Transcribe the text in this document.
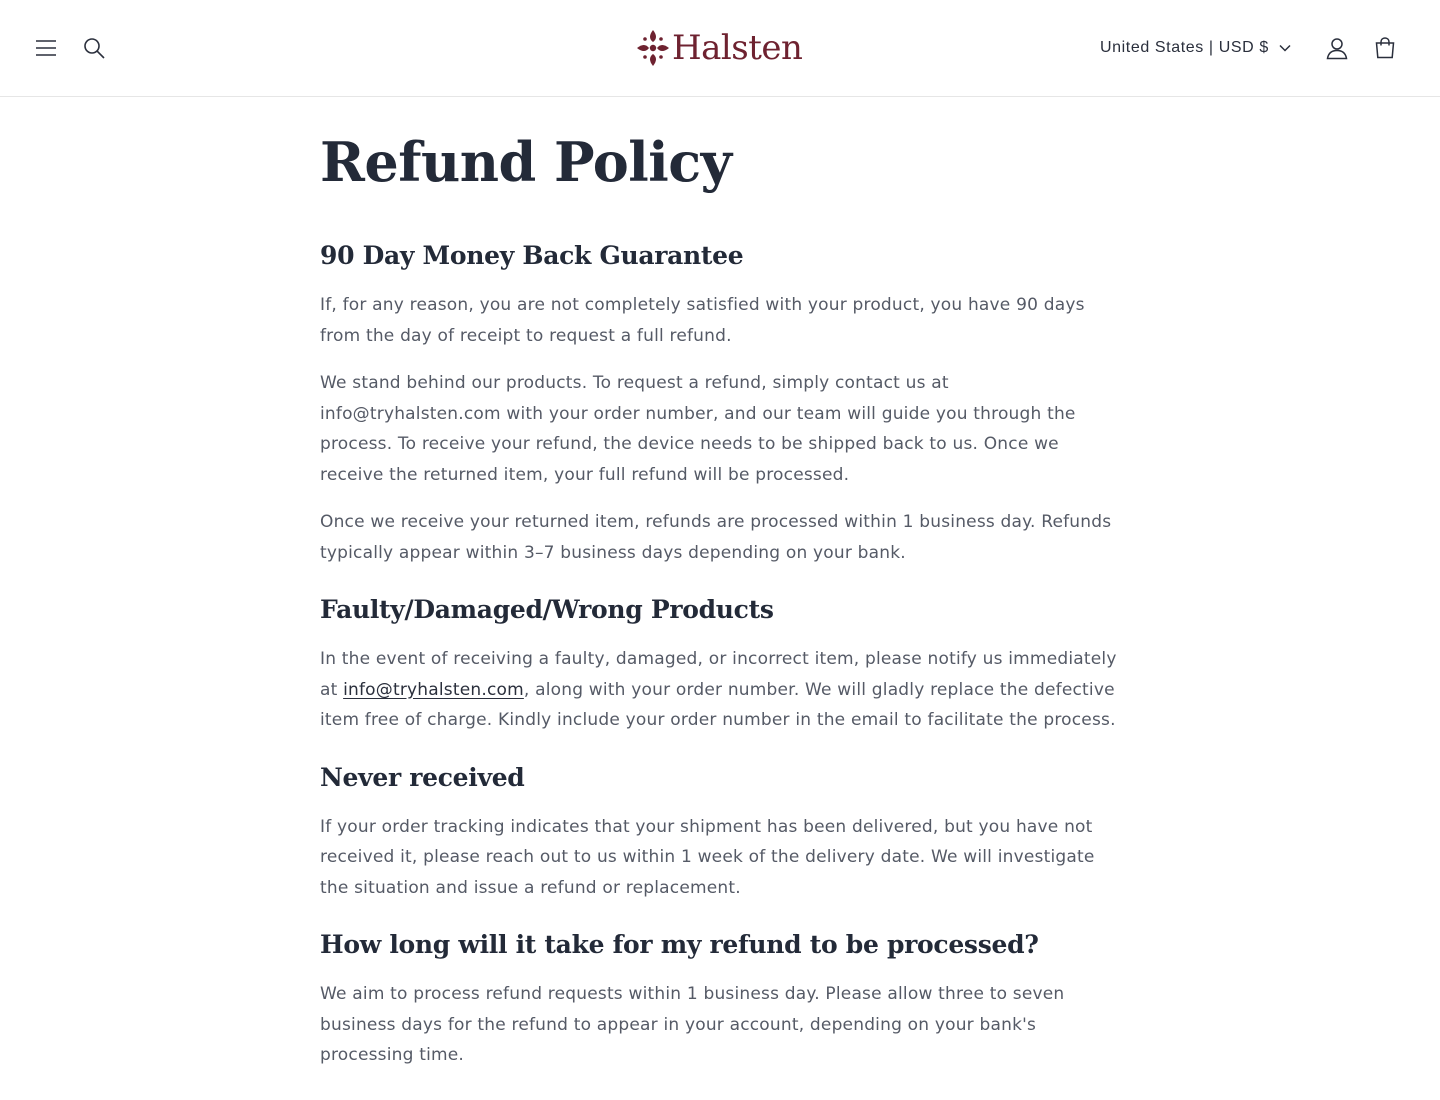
Halsten	United States | USD $
Refund Policy
90 Day Money Back Guarantee

If, for any reason, you are not completely satisfied with your product, you have 90 days from the day of receipt to request a full refund.

We stand behind our products. To request a refund, simply contact us at info@tryhalsten.com with your order number, and our team will guide you through the process. To receive your refund, the device needs to be shipped back to us. Once we receive the returned item, your full refund will be processed.

Once we receive your returned item, refunds are processed within 1 business day. Refunds typically appear within 3–7 business days depending on your bank.

Faulty/Damaged/Wrong Products

In the event of receiving a faulty, damaged, or incorrect item, please notify us immediately at info@tryhalsten.com, along with your order number. We will gladly replace the defective item free of charge. Kindly include your order number in the email to facilitate the process.

Never received

If your order tracking indicates that your shipment has been delivered, but you have not received it, please reach out to us within 1 week of the delivery date. We will investigate the situation and issue a refund or replacement.

How long will it take for my refund to be processed?

We aim to process refund requests within 1 business day. Please allow three to seven business days for the refund to appear in your account, depending on your bank's processing time.
